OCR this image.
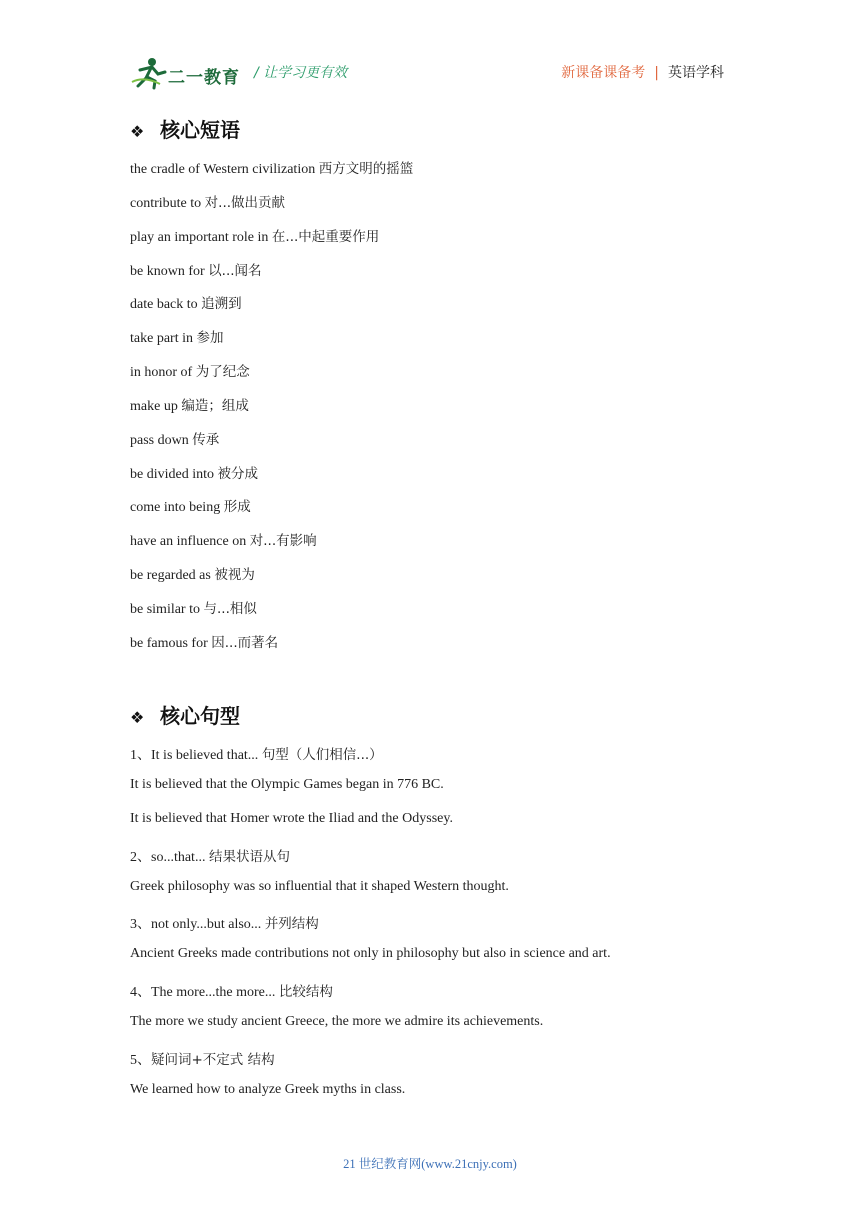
二一教育 / 让学习更有效	新课备课备考 | 英语学科
❖ 核心短语
the cradle of Western civilization 西方文明的摇篮
contribute to 对...做出贡献
play an important role in 在...中起重要作用
be known for 以...闻名
date back to 追溯到
take part in 参加
in honor of 为了纪念
make up 编造；组成
pass down 传承
be divided into 被分成
come into being 形成
have an influence on 对...有影响
be regarded as 被视为
be similar to 与...相似
be famous for 因...而著名
❖ 核心句型
1、It is believed that... 句型（人们相信...）
It is believed that the Olympic Games began in 776 BC.
It is believed that Homer wrote the Iliad and the Odyssey.
2、so...that... 结果状语从句
Greek philosophy was so influential that it shaped Western thought.
3、not only...but also... 并列结构
Ancient Greeks made contributions not only in philosophy but also in science and art.
4、The more...the more... 比较结构
The more we study ancient Greece, the more we admire its achievements.
5、疑问词+不定式 结构
We learned how to analyze Greek myths in class.
21 世纪教育网(www.21cnjy.com)
